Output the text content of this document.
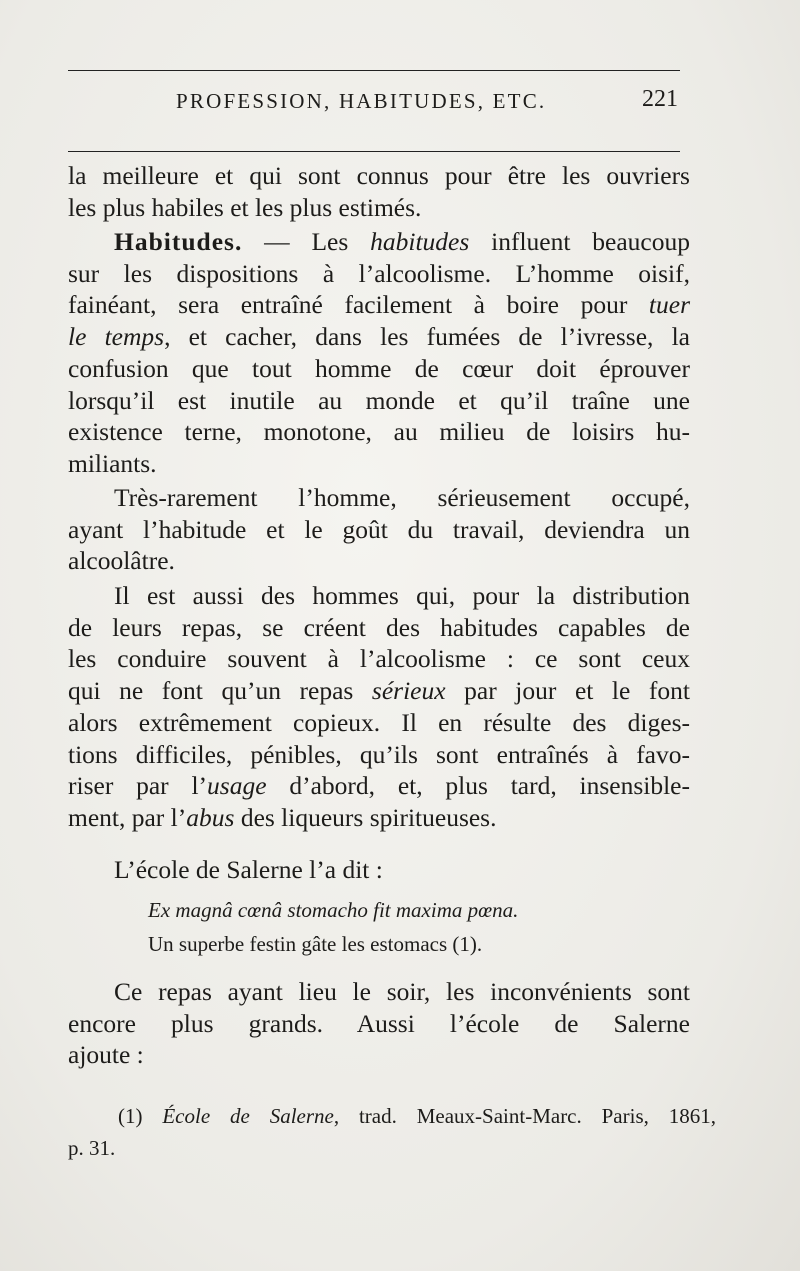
PROFESSION, HABITUDES, ETC.	221
la meilleure et qui sont connus pour être les ouvriers
les plus habiles et les plus estimés.
Habitudes. — Les habitudes influent beaucoup
sur les dispositions à l’alcoolisme. L’homme oisif,
fainéant, sera entraîné facilement à boire pour tuer
le temps, et cacher, dans les fumées de l’ivresse, la
confusion que tout homme de cœur doit éprouver
lorsqu’il est inutile au monde et qu’il traîne une
existence terne, monotone, au milieu de loisirs hu-
miliants.
Très-rarement l’homme, sérieusement occupé,
ayant l’habitude et le goût du travail, deviendra un
alcoolâtre.
Il est aussi des hommes qui, pour la distribution
de leurs repas, se créent des habitudes capables de
les conduire souvent à l’alcoolisme : ce sont ceux
qui ne font qu’un repas sérieux par jour et le font
alors extrêmement copieux. Il en résulte des diges-
tions difficiles, pénibles, qu’ils sont entraînés à favo-
riser par l’usage d’abord, et, plus tard, insensible-
ment, par l’abus des liqueurs spiritueuses.
L’école de Salerne l’a dit :
Ex magnâ cœnâ stomacho fit maxima pœna.
Un superbe festin gâte les estomacs (1).
Ce repas ayant lieu le soir, les inconvénients sont
encore plus grands. Aussi l’école de Salerne
ajoute :
(1) École de Salerne, trad. Meaux-Saint-Marc. Paris, 1861,
p. 31.
